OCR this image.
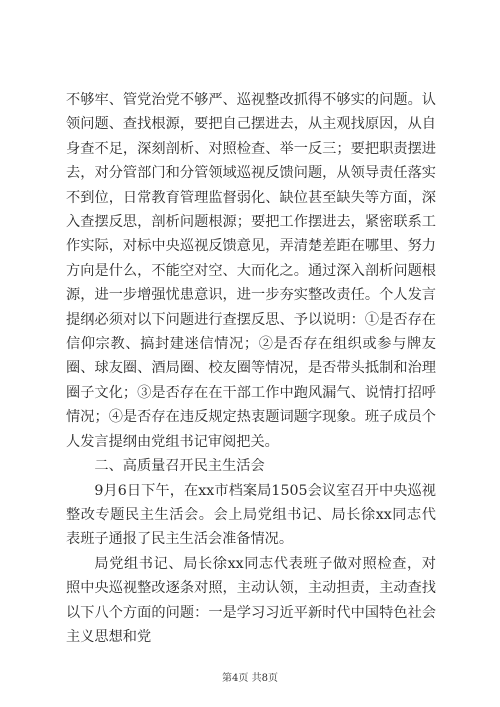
不够牢、管党治党不够严、巡视整改抓得不够实的问题。认领问题、查找根源，要把自己摆进去，从主观找原因，从自身查不足，深刻剖析、对照检查、举一反三；要把职责摆进去，对分管部门和分管领域巡视反馈问题，从领导责任落实不到位，日常教育管理监督弱化、缺位甚至缺失等方面，深入查摆反思，剖析问题根源；要把工作摆进去，紧密联系工作实际，对标中央巡视反馈意见，弄清楚差距在哪里、努力方向是什么，不能空对空、大而化之。通过深入剖析问题根源，进一步增强忧患意识，进一步夯实整改责任。个人发言提纲必须对以下问题进行查摆反思、予以说明：①是否存在信仰宗教、搞封建迷信情况；②是否存在组织或参与牌友圈、球友圈、酒局圈、校友圈等情况，是否带头抵制和治理圈子文化；③是否存在在干部工作中跑风漏气、说情打招呼情况；④是否存在违反规定热衷题词题字现象。班子成员个人发言提纲由党组书记审阅把关。

二、高质量召开民主生活会

9月6日下午，在xx市档案局1505会议室召开中央巡视整改专题民主生活会。会上局党组书记、局长徐xx同志代表班子通报了民主生活会准备情况。

局党组书记、局长徐xx同志代表班子做对照检查，对照中央巡视整改逐条对照，主动认领，主动担责，主动查找以下八个方面的问题：一是学习习近平新时代中国特色社会主义思想和党

第4页 共8页
